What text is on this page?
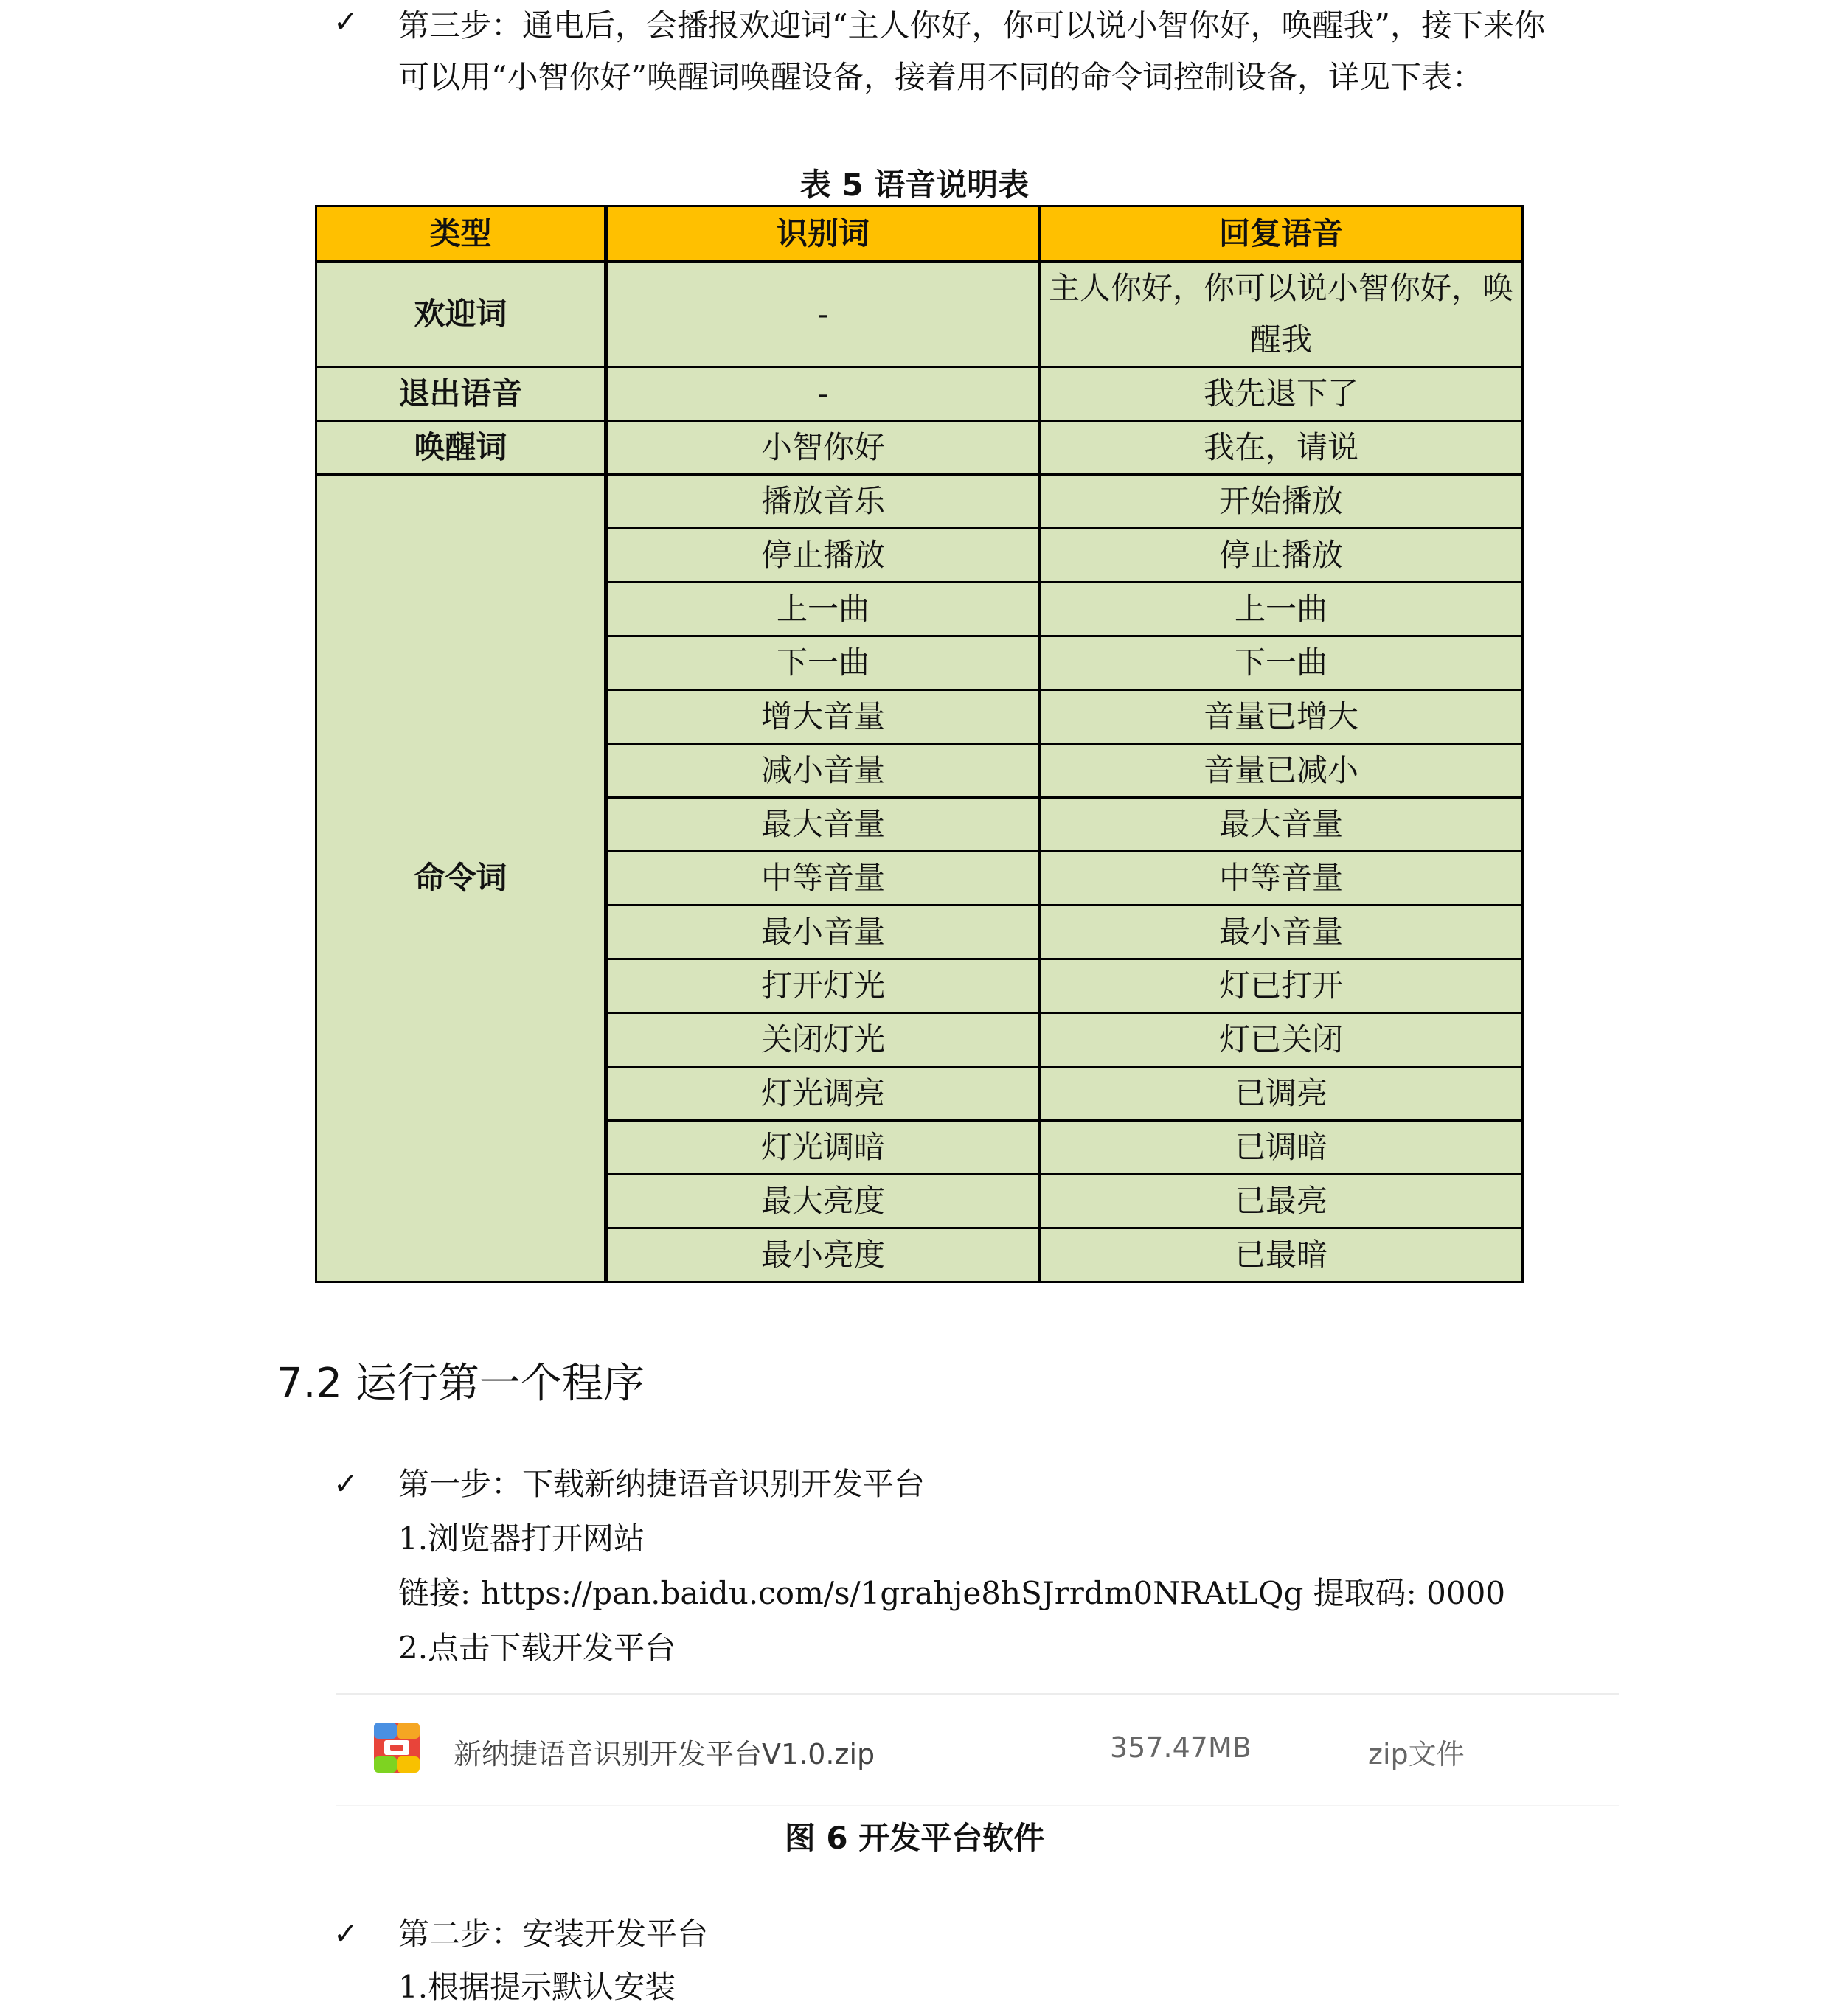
✓ 第三步：通电后，会播报欢迎词“主人你好，你可以说小智你好，唤醒我”，接下来你可以用“小智你好”唤醒词唤醒设备，接着用不同的命令词控制设备，详见下表：
表 5 语音说明表
类型	识别词	回复语音
欢迎词	-	主人你好，你可以说小智你好，唤醒我
退出语音	-	我先退下了
唤醒词	小智你好	我在，请说
命令词	播放音乐	开始播放
	停止播放	停止播放
	上一曲	上一曲
	下一曲	下一曲
	增大音量	音量已增大
	减小音量	音量已减小
	最大音量	最大音量
	中等音量	中等音量
	最小音量	最小音量
	打开灯光	灯已打开
	关闭灯光	灯已关闭
	灯光调亮	已调亮
	灯光调暗	已调暗
	最大亮度	已最亮
	最小亮度	已最暗
7.2 运行第一个程序
✓ 第一步：下载新纳捷语音识别开发平台
1.浏览器打开网站
链接: https://pan.baidu.com/s/1grahje8hSJrrdm0NRAtLQg 提取码: 0000
2.点击下载开发平台
新纳捷语音识别开发平台V1.0.zip	357.47MB	zip文件
图 6 开发平台软件
✓ 第二步：安装开发平台
1.根据提示默认安装
